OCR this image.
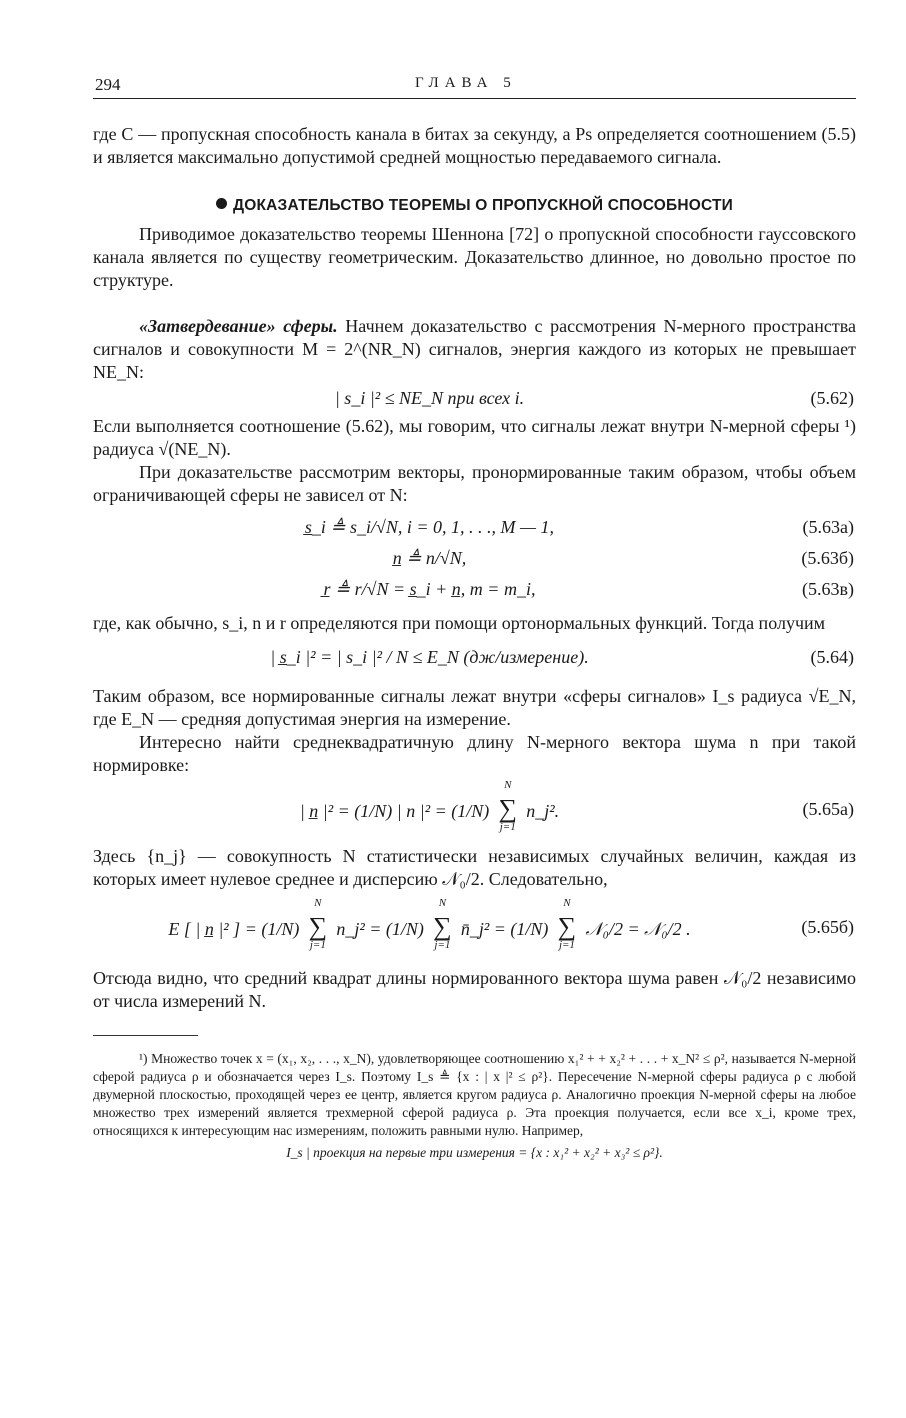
294	ГЛАВА 5

где C — пропускная способность канала в битах за секунду, а Ps определяется соотношением (5.5) и является максимально допустимой средней мощностью передаваемого сигнала.

ДОКАЗАТЕЛЬСТВО ТЕОРЕМЫ О ПРОПУСКНОЙ СПОСОБНОСТИ

Приводимое доказательство теоремы Шеннона [72] о пропускной способности гауссовского канала является по существу геометрическим. Доказательство длинное, но довольно простое по структуре.

«Затвердевание» сферы. Начнем доказательство с рассмотрения N-мерного пространства сигналов и совокупности M = 2^(NR_N) сигналов, энергия каждого из которых не превышает NE_N:

| s_i |² ≤ NE_N при всех i.	(5.62)

Если выполняется соотношение (5.62), мы говорим, что сигналы лежат внутри N-мерной сферы ¹) радиуса √(NE_N).

При доказательстве рассмотрим векторы, пронормированные таким образом, чтобы объем ограничивающей сферы не зависел от N:

s̲_i ≜ s_i/√N, i = 0, 1, . . ., M — 1,	(5.63a)
n̲ ≜ n/√N,	(5.63б)
r̲ ≜ r/√N = s̲_i + n̲, m = m_i,	(5.63в)

где, как обычно, s_i, n и r определяются при помощи ортонормальных функций. Тогда получим

| s̲_i |² = | s_i |² / N ≤ E_N (дж/измерение).	(5.64)

Таким образом, все нормированные сигналы лежат внутри «сферы сигналов» I_s радиуса √E_N, где E_N — средняя допустимая энергия на измерение.

Интересно найти среднеквадратичную длину N-мерного вектора шума n при такой нормировке:

| n̲ |² = (1/N) | n |² = (1/N)
N
∑
j=1
n_j².	(5.65a)

Здесь {n_j} — совокупность N статистически независимых случайных величин, каждая из которых имеет нулевое среднее и дисперсию 𝒩₀/2. Следовательно,

E [ | n̲ |² ] = (1/N)
N
∑
j=1
n_j² = (1/N)
N
∑
j=1
n̄_j² = (1/N)
N
∑
j=1
𝒩₀/2 = 𝒩₀/2 .	(5.65б)

Отсюда видно, что средний квадрат длины нормированного вектора шума равен 𝒩₀/2 независимо от числа измерений N.

¹) Множество точек x = (x₁, x₂, . . ., x_N), удовлетворяющее соотношению x₁² + + x₂² + . . . + x_N² ≤ ρ², называется N-мерной сферой радиуса ρ и обозначается через I_s. Поэтому I_s ≜ {x : | x |² ≤ ρ²}. Пересечение N-мерной сферы радиуса ρ с любой двумерной плоскостью, проходящей через ее центр, является кругом радиуса ρ. Аналогично проекция N-мерной сферы на любое множество трех измерений является трехмерной сферой радиуса ρ. Эта проекция получается, если все x_i, кроме трех, относящихся к интересующим нас измерениям, положить равными нулю. Например,

I_s | проекция на первые три измерения = {x : x₁² + x₂² + x₃² ≤ ρ²}.
